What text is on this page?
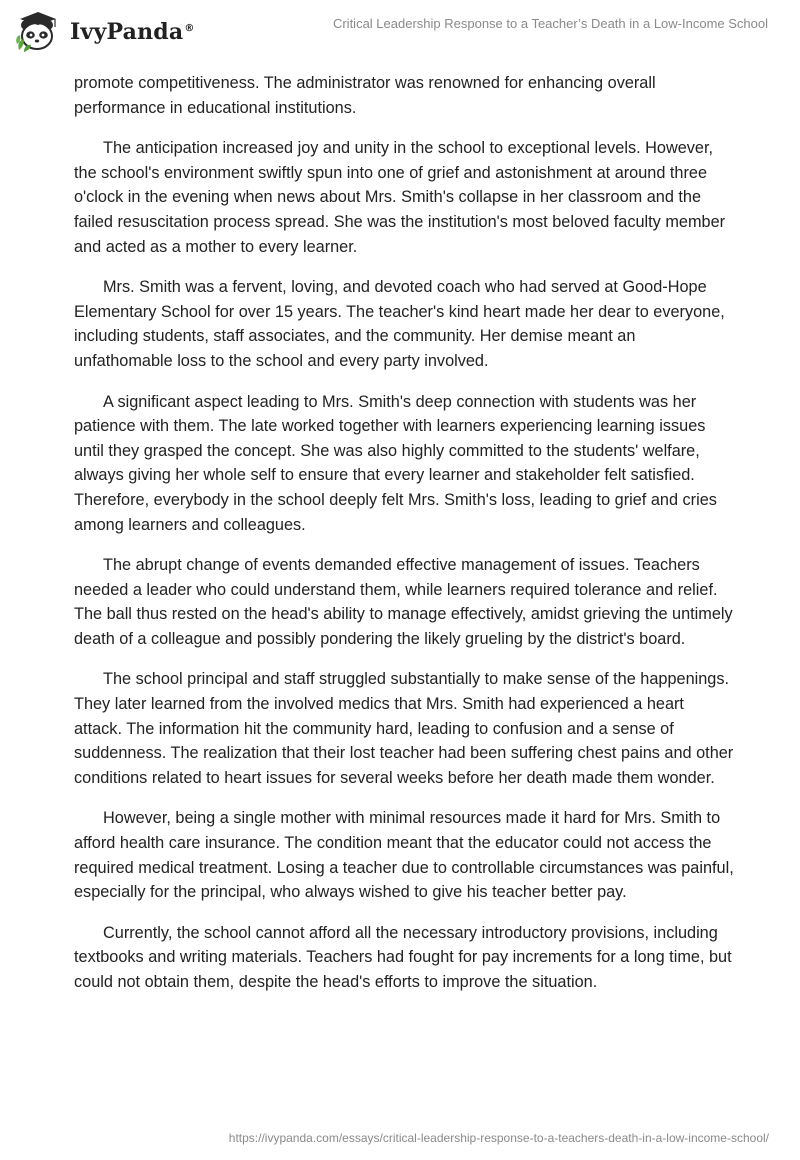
IvyPanda®	Critical Leadership Response to a Teacher’s Death in a Low-Income School

promote competitiveness. The administrator was renowned for enhancing overall performance in educational institutions.

The anticipation increased joy and unity in the school to exceptional levels. However, the school's environment swiftly spun into one of grief and astonishment at around three o'clock in the evening when news about Mrs. Smith's collapse in her classroom and the failed resuscitation process spread. She was the institution's most beloved faculty member and acted as a mother to every learner.

Mrs. Smith was a fervent, loving, and devoted coach who had served at Good-Hope Elementary School for over 15 years. The teacher's kind heart made her dear to everyone, including students, staff associates, and the community. Her demise meant an unfathomable loss to the school and every party involved.

A significant aspect leading to Mrs. Smith's deep connection with students was her patience with them. The late worked together with learners experiencing learning issues until they grasped the concept. She was also highly committed to the students' welfare, always giving her whole self to ensure that every learner and stakeholder felt satisfied. Therefore, everybody in the school deeply felt Mrs. Smith's loss, leading to grief and cries among learners and colleagues.

The abrupt change of events demanded effective management of issues. Teachers needed a leader who could understand them, while learners required tolerance and relief. The ball thus rested on the head's ability to manage effectively, amidst grieving the untimely death of a colleague and possibly pondering the likely grueling by the district's board.

The school principal and staff struggled substantially to make sense of the happenings. They later learned from the involved medics that Mrs. Smith had experienced a heart attack. The information hit the community hard, leading to confusion and a sense of suddenness. The realization that their lost teacher had been suffering chest pains and other conditions related to heart issues for several weeks before her death made them wonder.

However, being a single mother with minimal resources made it hard for Mrs. Smith to afford health care insurance. The condition meant that the educator could not access the required medical treatment. Losing a teacher due to controllable circumstances was painful, especially for the principal, who always wished to give his teacher better pay.

Currently, the school cannot afford all the necessary introductory provisions, including textbooks and writing materials. Teachers had fought for pay increments for a long time, but could not obtain them, despite the head's efforts to improve the situation.

https://ivypanda.com/essays/critical-leadership-response-to-a-teachers-death-in-a-low-income-school/
